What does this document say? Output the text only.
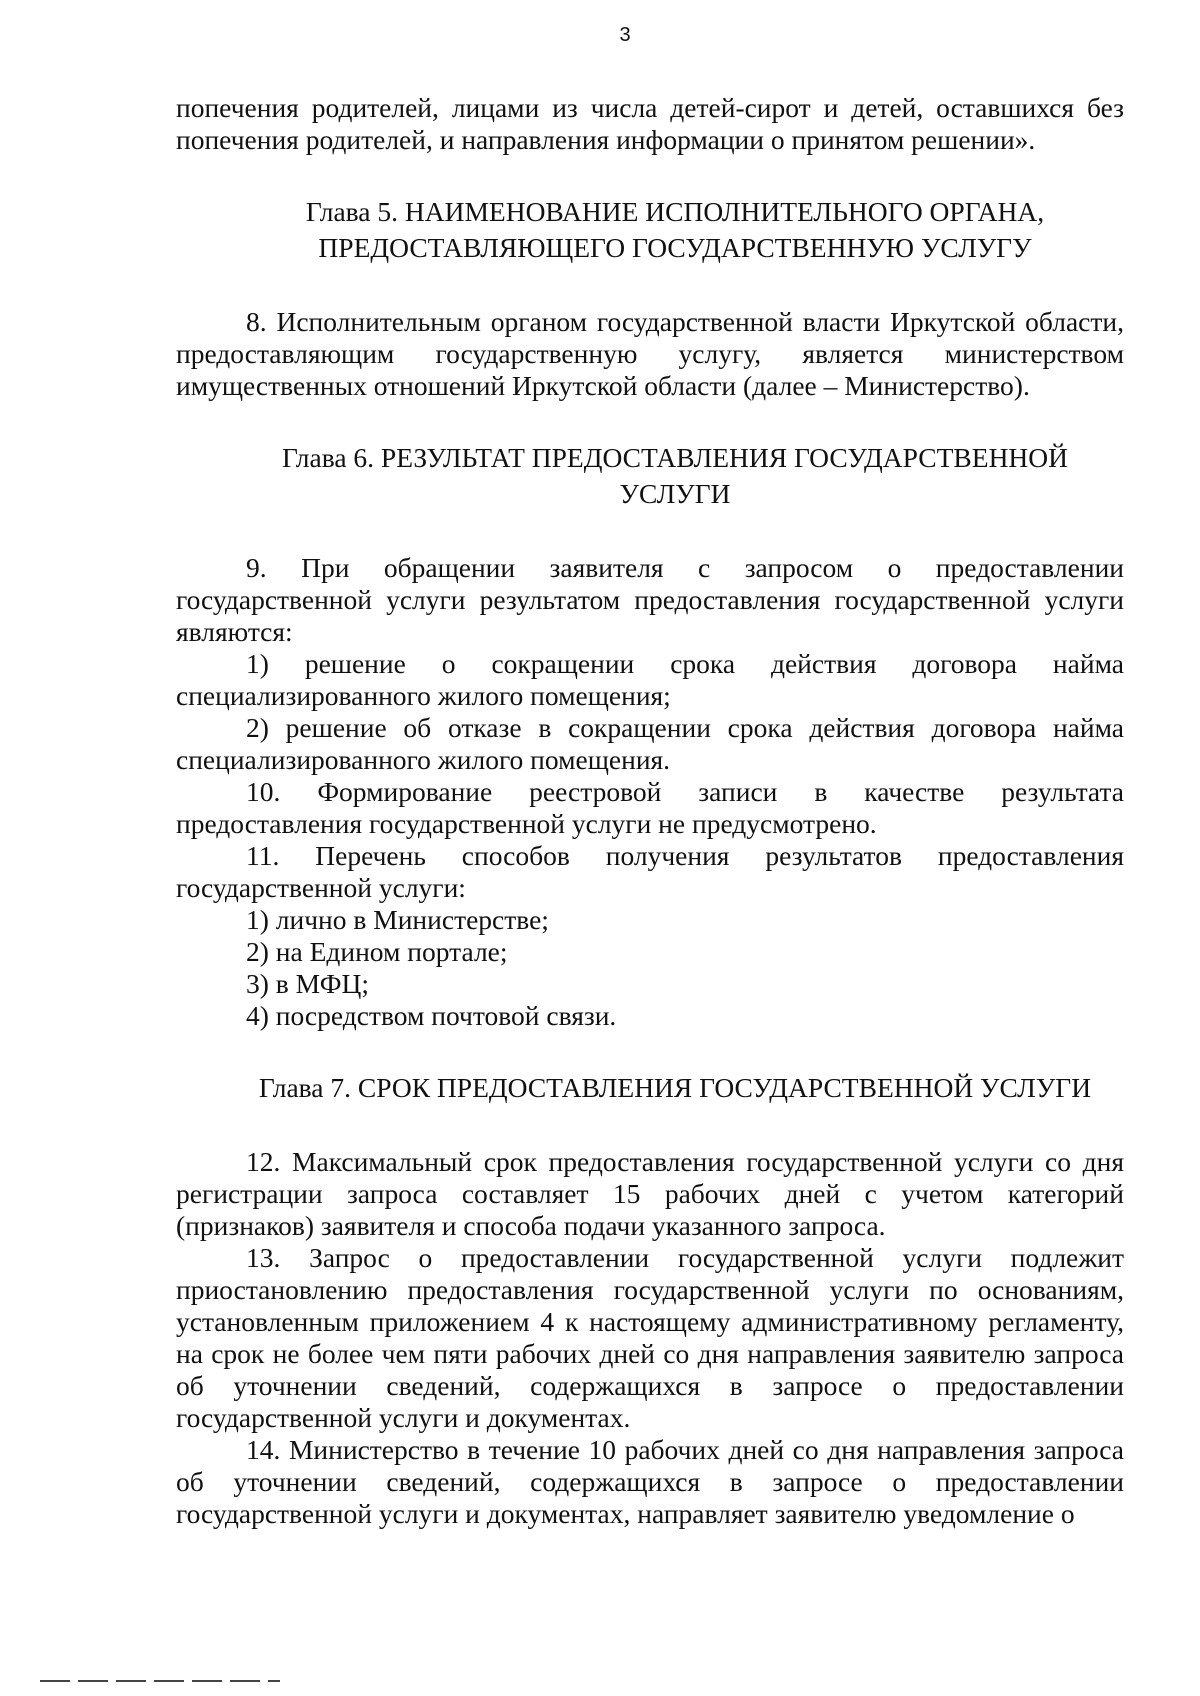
3

попечения родителей, лицами из числа детей-сирот и детей, оставшихся без попечения родителей, и направления информации о принятом решении».

Глава 5. НАИМЕНОВАНИЕ ИСПОЛНИТЕЛЬНОГО ОРГАНА,
ПРЕДОСТАВЛЯЮЩЕГО ГОСУДАРСТВЕННУЮ УСЛУГУ

8. Исполнительным органом государственной власти Иркутской области, предоставляющим государственную услугу, является министерством имущественных отношений Иркутской области (далее – Министерство).

Глава 6. РЕЗУЛЬТАТ ПРЕДОСТАВЛЕНИЯ ГОСУДАРСТВЕННОЙ
УСЛУГИ

9. При обращении заявителя с запросом о предоставлении государственной услуги результатом предоставления государственной услуги являются:

1) решение о сокращении срока действия договора найма специализированного жилого помещения;

2) решение об отказе в сокращении срока действия договора найма специализированного жилого помещения.

10. Формирование реестровой записи в качестве результата предоставления государственной услуги не предусмотрено.

11. Перечень способов получения результатов предоставления государственной услуги:

1) лично в Министерстве;

2) на Едином портале;

3) в МФЦ;

4) посредством почтовой связи.

Глава 7. СРОК ПРЕДОСТАВЛЕНИЯ ГОСУДАРСТВЕННОЙ УСЛУГИ

12. Максимальный срок предоставления государственной услуги со дня регистрации запроса составляет 15 рабочих дней с учетом категорий (признаков) заявителя и способа подачи указанного запроса.

13. Запрос о предоставлении государственной услуги подлежит приостановлению предоставления государственной услуги по основаниям, установленным приложением 4 к настоящему административному регламенту, на срок не более чем пяти рабочих дней со дня направления заявителю запроса об уточнении сведений, содержащихся в запросе о предоставлении государственной услуги и документах.

14. Министерство в течение 10 рабочих дней со дня направления запроса об уточнении сведений, содержащихся в запросе о предоставлении государственной услуги и документах, направляет заявителю уведомление о
